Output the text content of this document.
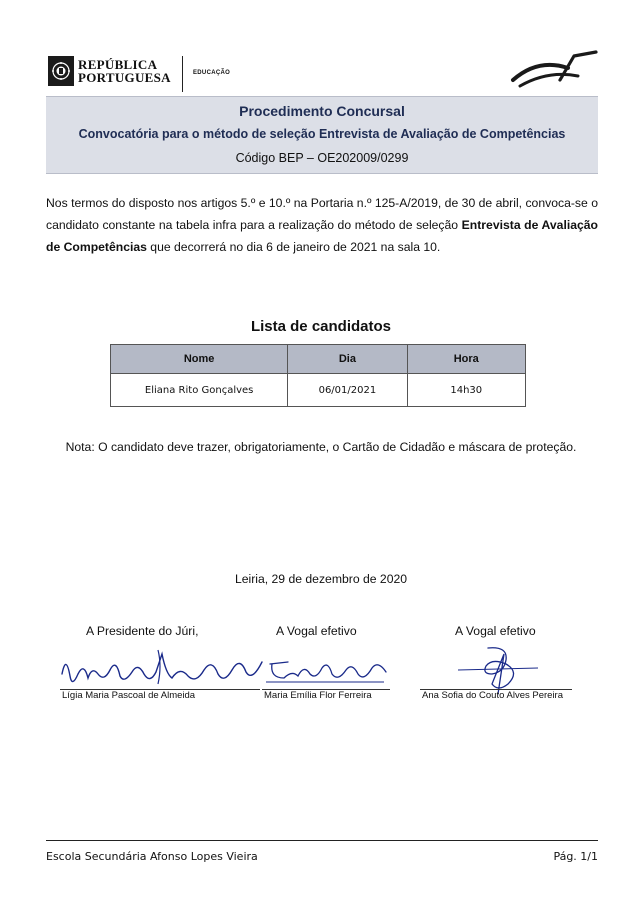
REPÚBLICA
PORTUGUESA	EDUCAÇÃO
Procedimento Concursal
Convocatória para o método de seleção Entrevista de Avaliação de Competências
Código BEP – OE202009/0299
Nos termos do disposto nos artigos 5.º e 10.º na Portaria n.º 125-A/2019, de 30 de abril, convoca-se o candidato constante na tabela infra para a realização do método de seleção Entrevista de Avaliação de Competências que decorrerá no dia 6 de janeiro de 2021 na sala 10.
Lista de candidatos
Nome	Dia	Hora
Eliana Rito Gonçalves	06/01/2021	14h30
Nota: O candidato deve trazer, obrigatoriamente, o Cartão de Cidadão e máscara de proteção.
Leiria, 29 de dezembro de 2020
A Presidente do Júri,	A Vogal efetivo	A Vogal efetivo
Lígia Maria Pascoal de Almeida	Maria Emília Flor Ferreira	Ana Sofia do Couto Alves Pereira
Escola Secundária Afonso Lopes Vieira	Pág. 1/1
